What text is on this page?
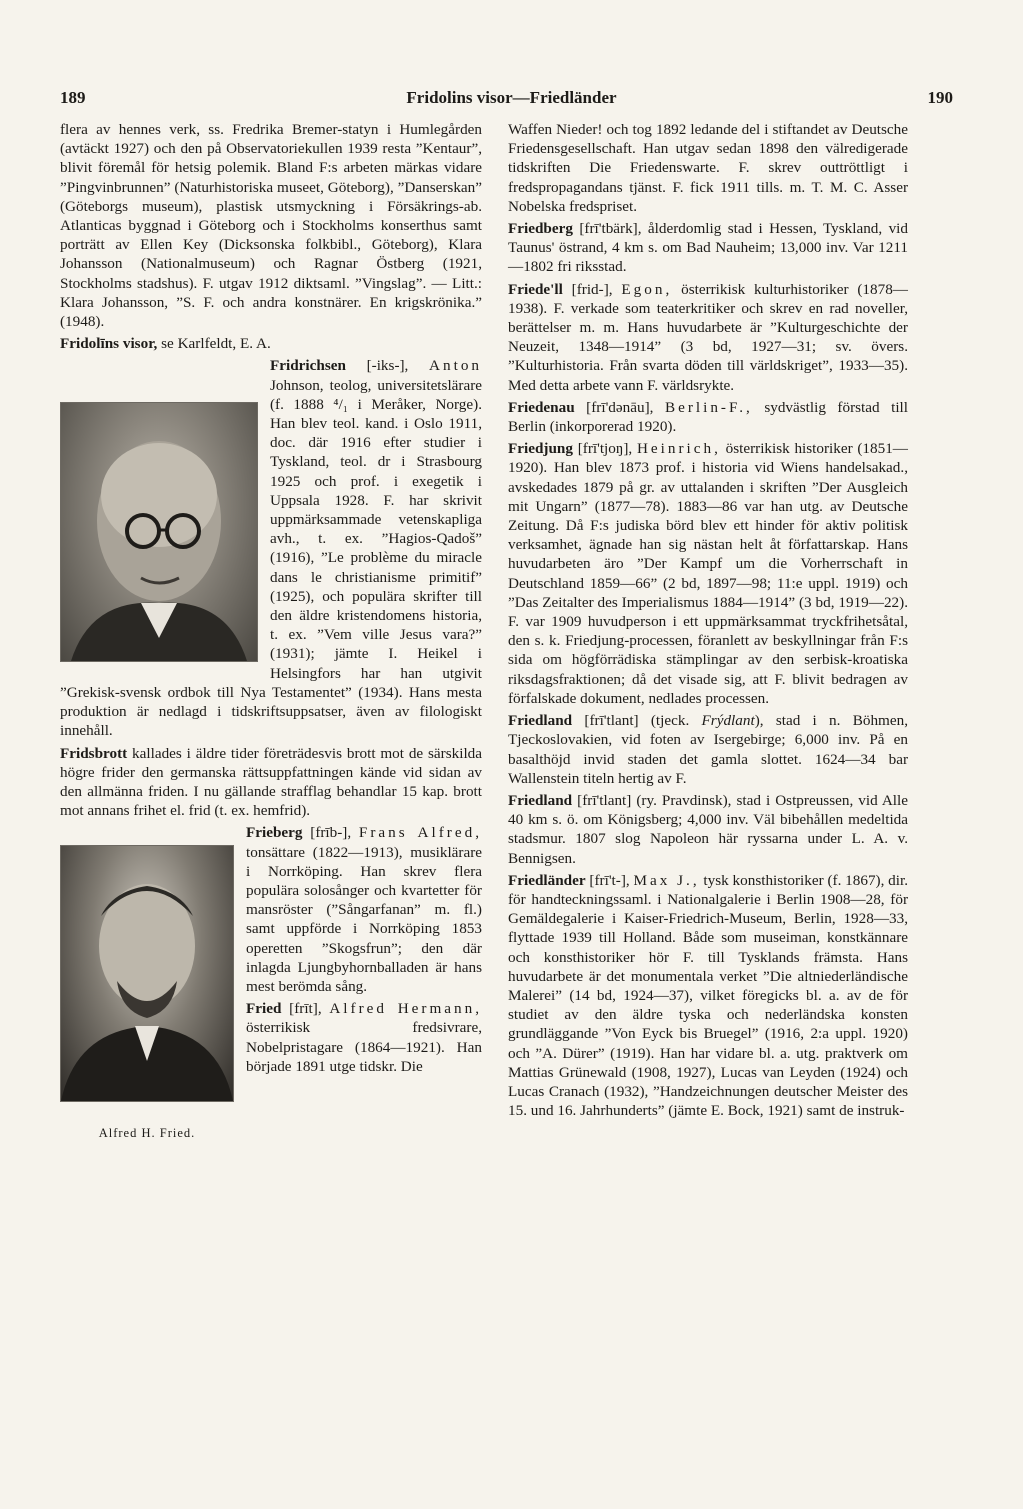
189	Fridolins visor—Friedländer	190

flera av hennes verk, ss. Fredrika Bremer-statyn i Humlegården (avtäckt 1927) och den på Observatoriekullen 1939 resta ”Kentaur”, blivit föremål för hetsig polemik. Bland F:s arbeten märkas vidare ”Pingvinbrunnen” (Naturhistoriska museet, Göteborg), ”Danserskan” (Göteborgs museum), plastisk utsmyckning i Försäkrings-ab. Atlanticas byggnad i Göteborg och i Stockholms konserthus samt porträtt av Ellen Key (Dicksonska folkbibl., Göteborg), Klara Johansson (Nationalmuseum) och Ragnar Östberg (1921, Stockholms stadshus). F. utgav 1912 diktsaml. ”Vingslag”. — Litt.: Klara Johansson, ”S. F. och andra konstnärer. En krigskrönika.” (1948).

Fridolīns visor, se Karlfeldt, E. A.

Fridrichsen [-iks-], Anton Johnson, teolog, universitetslärare (f. 1888 ⁴/₁ i Meråker, Norge). Han blev teol. kand. i Oslo 1911, doc. där 1916 efter studier i Tyskland, teol. dr i Strasbourg 1925 och prof. i exegetik i Uppsala 1928. F. har skrivit uppmärksammade vetenskapliga avh., t. ex. ”Hagios-Qadoš” (1916), ”Le problème du miracle dans le christianisme primitif” (1925), och populära skrifter till den äldre kristendomens historia, t. ex. ”Vem ville Jesus vara?” (1931); jämte I. Heikel i Helsingfors har han utgivit ”Grekisk-svensk ordbok till Nya Testamentet” (1934). Hans mesta produktion är nedlagd i tidskriftsuppsatser, även av filologiskt innehåll.

Fridsbrott kallades i äldre tider företrädesvis brott mot de särskilda högre frider den germanska rättsuppfattningen kände vid sidan av den allmänna friden. I nu gällande strafflag behandlar 15 kap. brott mot annans frihet el. frid (t. ex. hemfrid).

Alfred H. Fried.
Frieberg [frīb-], Frans Alfred, tonsättare (1822—1913), musiklärare i Norrköping. Han skrev flera populära solosånger och kvartetter för mansröster (”Sångarfanan” m. fl.) samt uppförde i Norrköping 1853 operetten ”Skogsfrun”; den där inlagda Ljungbyhornballaden är hans mest berömda sång.

Fried [frīt], Alfred Hermann, österrikisk fredsivrare, Nobelpristagare (1864—1921). Han började 1891 utge tidskr. Die

Waffen Nieder! och tog 1892 ledande del i stiftandet av Deutsche Friedensgesellschaft. Han utgav sedan 1898 den välredigerade tidskriften Die Friedenswarte. F. skrev outtröttligt i fredspropagandans tjänst. F. fick 1911 tills. m. T. M. C. Asser Nobelska fredspriset.

Friedberg [frī'tbärk], ålderdomlig stad i Hessen, Tyskland, vid Taunus' östrand, 4 km s. om Bad Nauheim; 13,000 inv. Var 1211—1802 fri riksstad.

Friede'll [frid-], Egon, österrikisk kulturhistoriker (1878—1938). F. verkade som teaterkritiker och skrev en rad noveller, berättelser m. m. Hans huvudarbete är ”Kulturgeschichte der Neuzeit, 1348—1914” (3 bd, 1927—31; sv. övers. ”Kulturhistoria. Från svarta döden till världskriget”, 1933—35). Med detta arbete vann F. världsrykte.

Friedenau [frī'dənāu], Berlin-F., sydvästlig förstad till Berlin (inkorporerad 1920).

Friedjung [frī'tjoŋ], Heinrich, österrikisk historiker (1851—1920). Han blev 1873 prof. i historia vid Wiens handelsakad., avskedades 1879 på gr. av uttalanden i skriften ”Der Ausgleich mit Ungarn” (1877—78). 1883—86 var han utg. av Deutsche Zeitung. Då F:s judiska börd blev ett hinder för aktiv politisk verksamhet, ägnade han sig nästan helt åt författarskap. Hans huvudarbeten äro ”Der Kampf um die Vorherrschaft in Deutschland 1859—66” (2 bd, 1897—98; 11:e uppl. 1919) och ”Das Zeitalter des Imperialismus 1884—1914” (3 bd, 1919—22). F. var 1909 huvudperson i ett uppmärksammat tryckfrihetsåtal, den s. k. Friedjung-processen, föranlett av beskyllningar från F:s sida om högförrädiska stämplingar av den serbisk-kroatiska riksdagsfraktionen; då det visade sig, att F. blivit bedragen av förfalskade dokument, nedlades processen.

Friedland [frī'tlant] (tjeck. Frýdlant), stad i n. Böhmen, Tjeckoslovakien, vid foten av Isergebirge; 6,000 inv. På en basalthöjd invid staden det gamla slottet. 1624—34 bar Wallenstein titeln hertig av F.

Friedland [frī'tlant] (ry. Pravdinsk), stad i Ostpreussen, vid Alle 40 km s. ö. om Königsberg; 4,000 inv. Väl bibehållen medeltida stadsmur. 1807 slog Napoleon här ryssarna under L. A. v. Bennigsen.

Friedländer [frī't-], Max J., tysk konsthistoriker (f. 1867), dir. för handteckningssaml. i Nationalgalerie i Berlin 1908—28, för Gemäldegalerie i Kaiser-Friedrich-Museum, Berlin, 1928—33, flyttade 1939 till Holland. Både som museiman, konstkännare och konsthistoriker hör F. till Tysklands främsta. Hans huvudarbete är det monumentala verket ”Die altniederländische Malerei” (14 bd, 1924—37), vilket föregicks bl. a. av de för studiet av den äldre tyska och nederländska konsten grundläggande ”Von Eyck bis Bruegel” (1916, 2:a uppl. 1920) och ”A. Dürer” (1919). Han har vidare bl. a. utg. praktverk om Mattias Grünewald (1908, 1927), Lucas van Leyden (1924) och Lucas Cranach (1932), ”Handzeichnungen deutscher Meister des 15. und 16. Jahrhunderts” (jämte E. Bock, 1921) samt de instruk-
